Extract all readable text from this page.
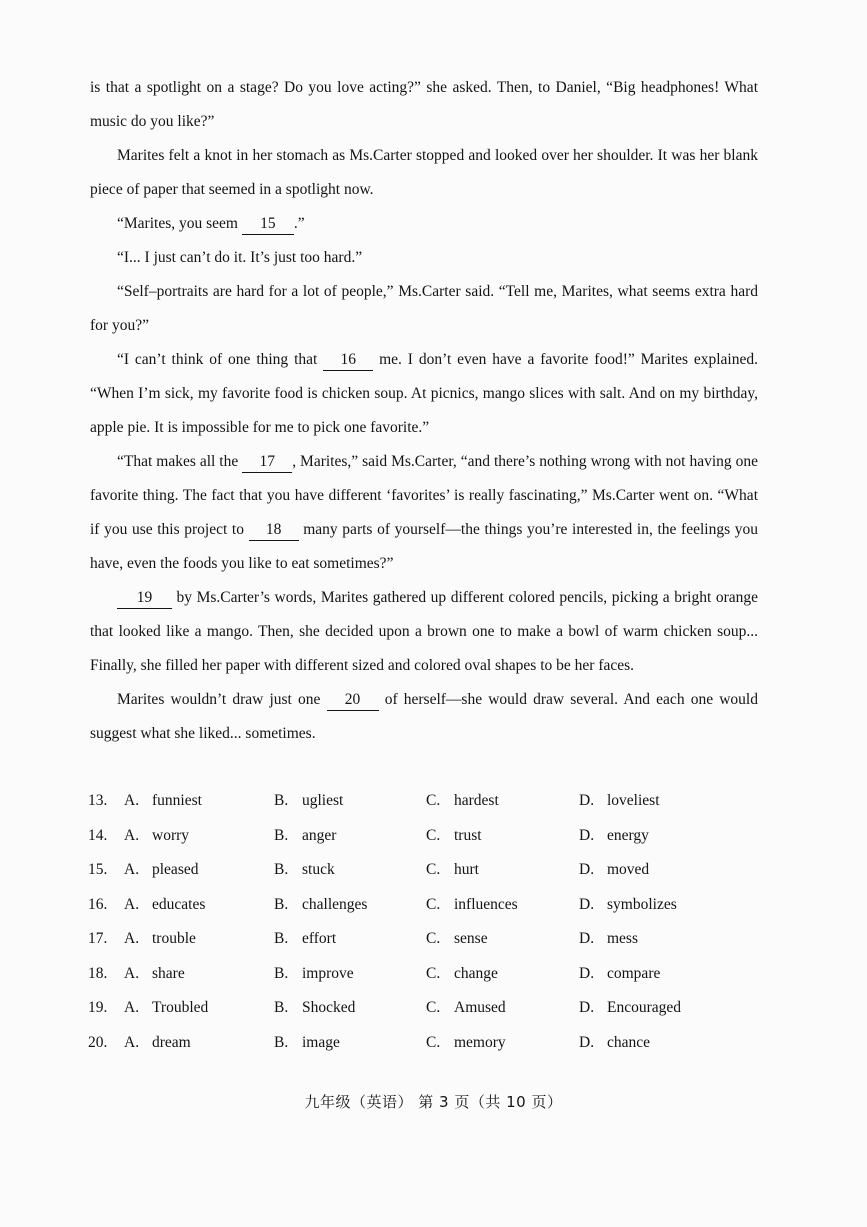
is that a spotlight on a stage? Do you love acting?” she asked. Then, to Daniel, “Big headphones! What music do you like?”

Marites felt a knot in her stomach as Ms.Carter stopped and looked over her shoulder. It was her blank piece of paper that seemed in a spotlight now.

“Marites, you seem 15 .”

“I... I just can’t do it. It’s just too hard.”

“Self–portraits are hard for a lot of people,” Ms.Carter said. “Tell me, Marites, what seems extra hard for you?”

“I can’t think of one thing that 16 me. I don’t even have a favorite food!” Marites explained. “When I’m sick, my favorite food is chicken soup. At picnics, mango slices with salt. And on my birthday, apple pie. It is impossible for me to pick one favorite.”

“That makes all the 17 , Marites,” said Ms.Carter, “and there’s nothing wrong with not having one favorite thing. The fact that you have different ‘favorites’ is really fascinating,” Ms.Carter went on. “What if you use this project to 18 many parts of yourself—the things you’re interested in, the feelings you have, even the foods you like to eat sometimes?”

19 by Ms.Carter’s words, Marites gathered up different colored pencils, picking a bright orange that looked like a mango. Then, she decided upon a brown one to make a bowl of warm chicken soup... Finally, she filled her paper with different sized and colored oval shapes to be her faces.

Marites wouldn’t draw just one 20 of herself—she would draw several. And each one would suggest what she liked... sometimes.

13.	A. funniest	B. ugliest	C. hardest	D. loveliest
14.	A. worry	B. anger	C. trust	D. energy
15.	A. pleased	B. stuck	C. hurt	D. moved
16.	A. educates	B. challenges	C. influences	D. symbolizes
17.	A. trouble	B. effort	C. sense	D. mess
18.	A. share	B. improve	C. change	D. compare
19.	A. Troubled	B. Shocked	C. Amused	D. Encouraged
20.	A. dream	B. image	C. memory	D. chance
九年级（英语） 第 3 页（共 10 页）
